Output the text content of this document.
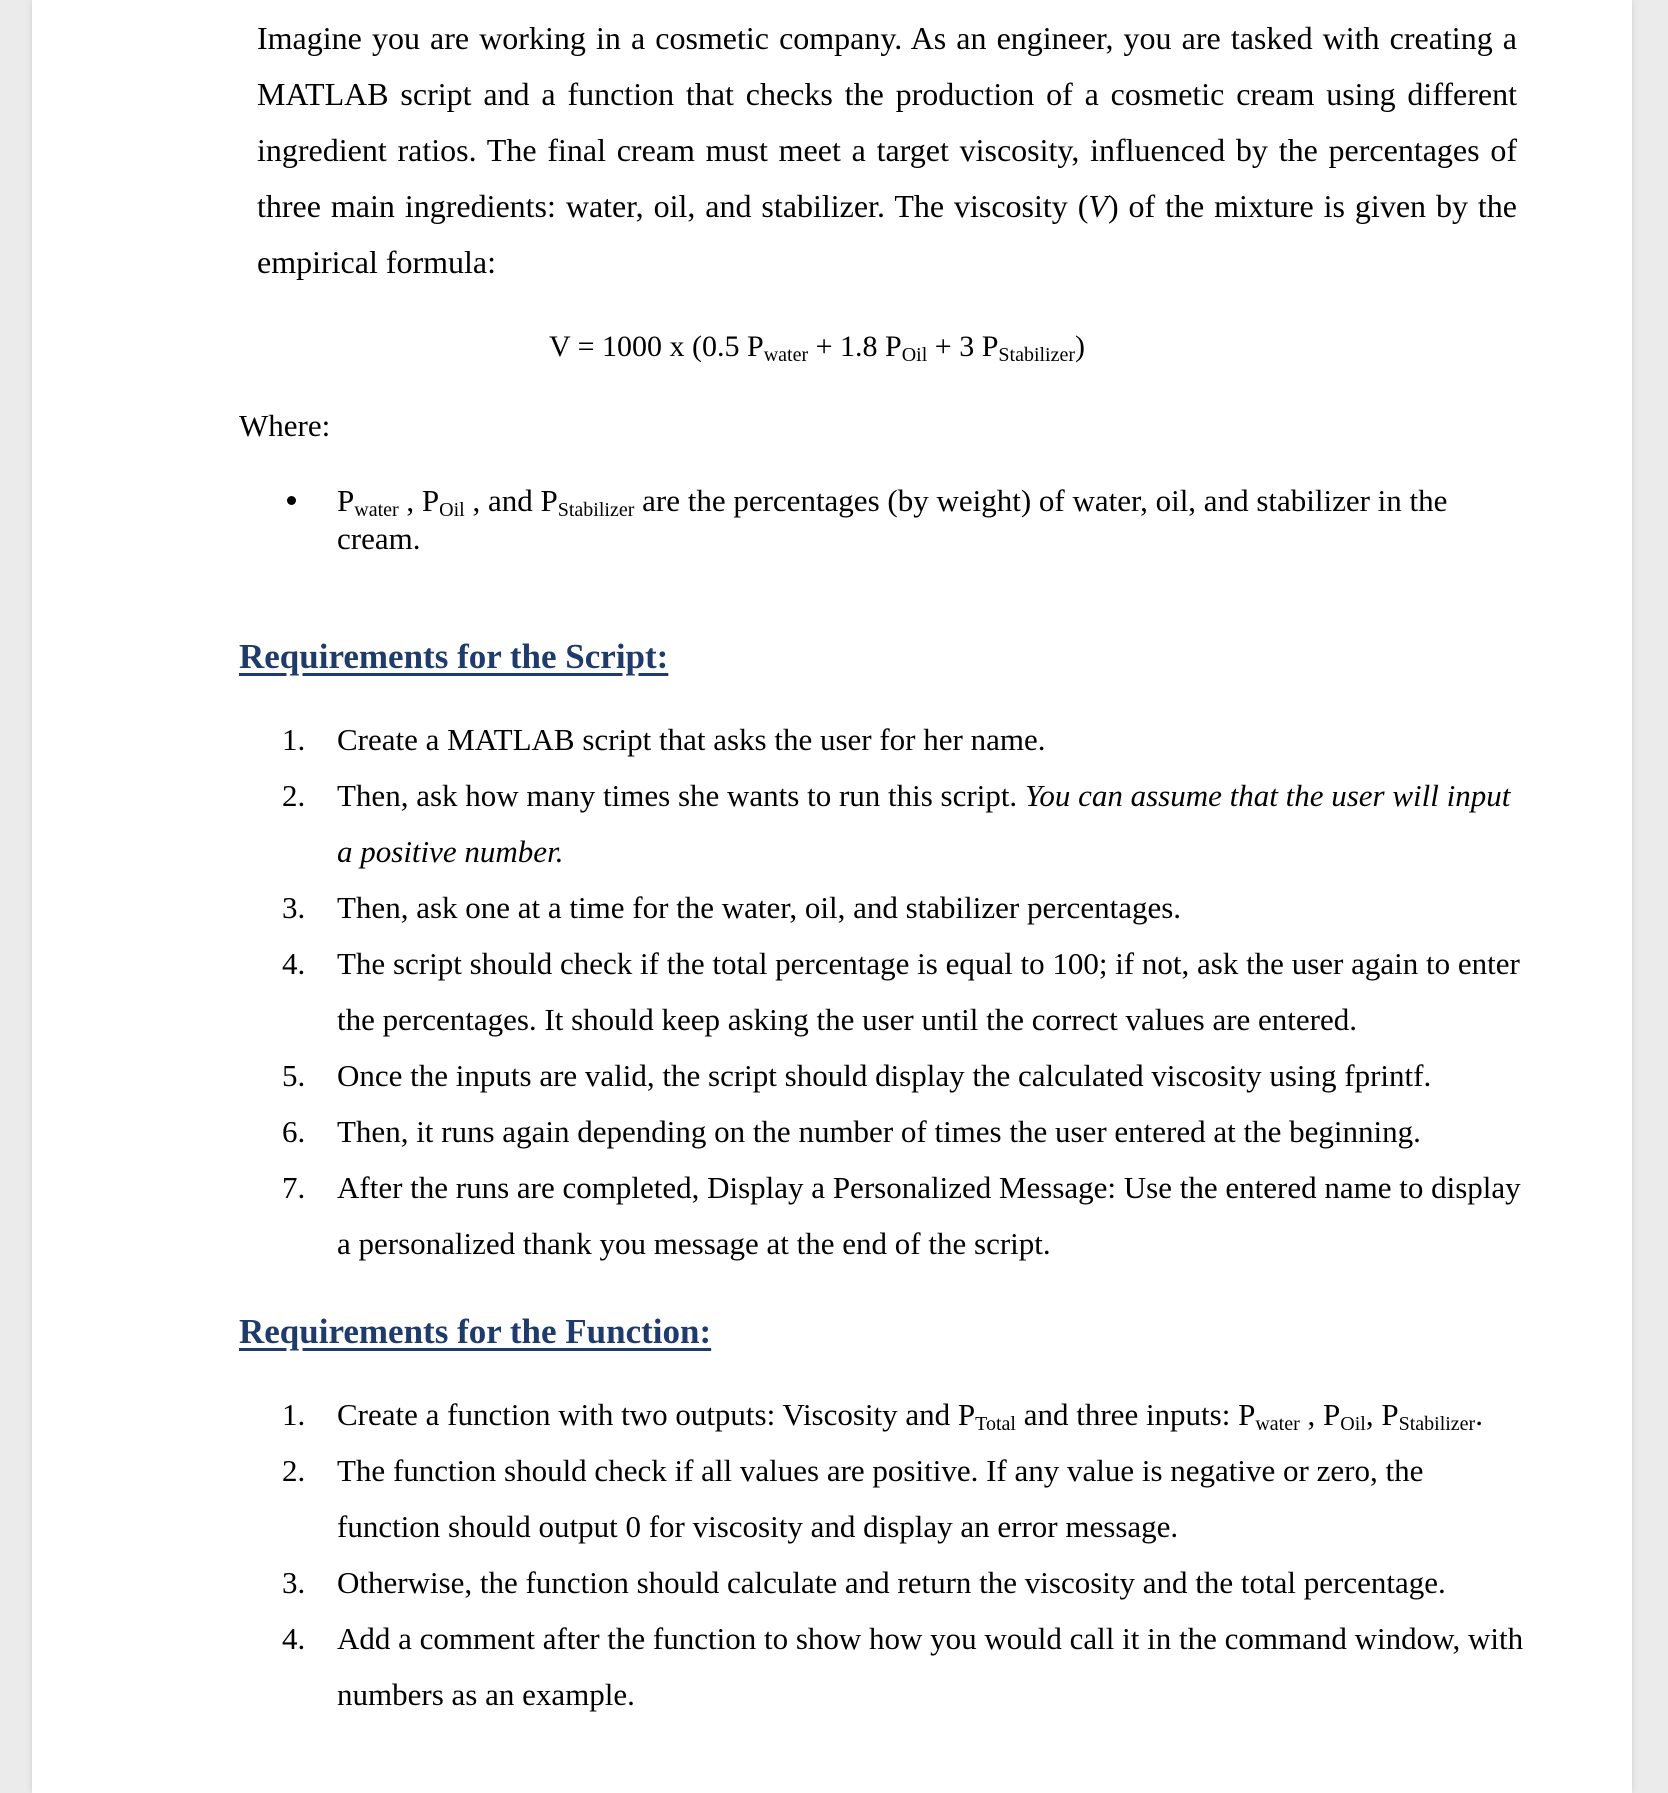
Imagine you are working in a cosmetic company. As an engineer, you are tasked with creating a MATLAB script and a function that checks the production of a cosmetic cream using different ingredient ratios. The final cream must meet a target viscosity, influenced by the percentages of three main ingredients: water, oil, and stabilizer. The viscosity (V) of the mixture is given by the empirical formula:

V = 1000 x (0.5 $P_{water} + 1.8$ $P_{Oil} + 3$ $P_{Stabilizer}$)

Where:

$P_{water}$ , $P_{Oil}$ , and $P_{Stabilizer}$ are the percentages (by weight) of water, oil, and stabilizer in the cream.
Requirements for the Script:
1. Create a MATLAB script that asks the user for her name.
2. Then, ask how many times she wants to run this script. You can assume that the user will input a positive number.
3. Then, ask one at a time for the water, oil, and stabilizer percentages.
4. The script should check if the total percentage is equal to 100; if not, ask the user again to enter the percentages. It should keep asking the user until the correct values are entered.
5. Once the inputs are valid, the script should display the calculated viscosity using fprintf.
6. Then, it runs again depending on the number of times the user entered at the beginning.
7. After the runs are completed, Display a Personalized Message: Use the entered name to display a personalized thank you message at the end of the script.
Requirements for the Function:
1. Create a function with two outputs: Viscosity and $P_{Total}$ and three inputs: $P_{water}$ , $P_{Oil}$, $P_{Stabilizer}$.
2. The function should check if all values are positive. If any value is negative or zero, the function should output 0 for viscosity and display an error message.
3. Otherwise, the function should calculate and return the viscosity and the total percentage.
4. Add a comment after the function to show how you would call it in the command window, with numbers as an example.
